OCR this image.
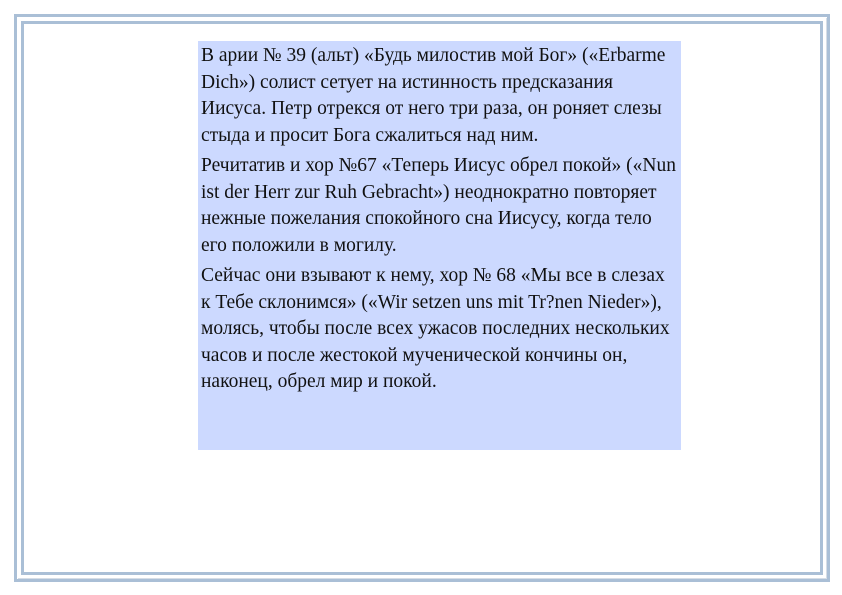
В арии № 39 (альт) «Будь милостив мой Бог» («Erbarme Dich») солист сетует на истинность предсказания Иисуса. Петр отрекся от него три раза, он роняет слезы стыда и просит Бога сжалиться над ним.

Речитатив и хор №67 «Теперь Иисус обрел покой» («Nun ist der Herr zur Ruh Gebracht») неоднократно повторяет нежные пожелания спокойного сна Иисусу, когда тело его положили в могилу.

Сейчас они взывают к нему, хор № 68 «Мы все в слезах к Тебе склонимся» («Wir setzen uns mit Tr?nen Nieder»), молясь, чтобы после всех ужасов последних нескольких часов и после жестокой мученической кончины он, наконец, обрел мир и покой.
